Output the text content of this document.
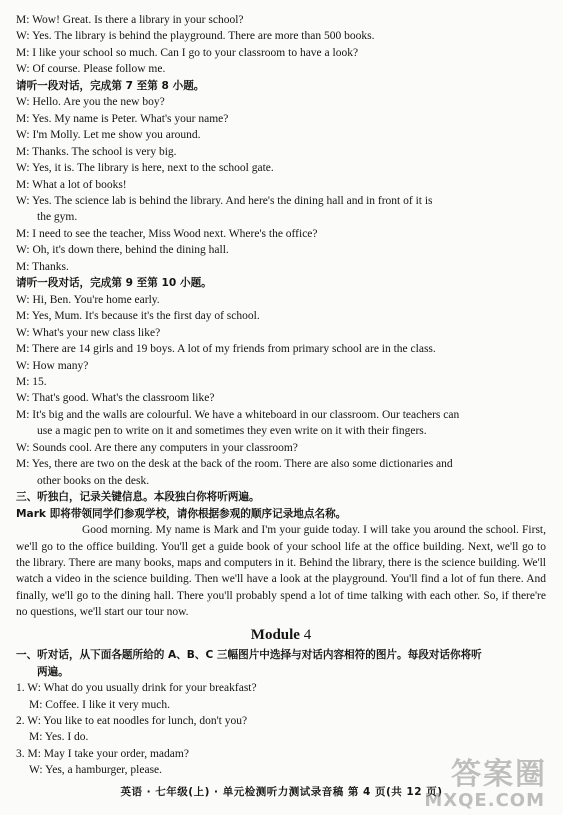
M: Wow! Great. Is there a library in your school?

W: Yes. The library is behind the playground. There are more than 500 books.

M: I like your school so much. Can I go to your classroom to have a look?

W: Of course. Please follow me.

请听一段对话，完成第 7 至第 8 小题。

W: Hello. Are you the new boy?

M: Yes. My name is Peter. What's your name?

W: I'm Molly. Let me show you around.

M: Thanks. The school is very big.

W: Yes, it is. The library is here, next to the school gate.

M: What a lot of books!

W: Yes. The science lab is behind the library. And here's the dining hall and in front of it is

the gym.

M: I need to see the teacher, Miss Wood next. Where's the office?

W: Oh, it's down there, behind the dining hall.

M: Thanks.

请听一段对话，完成第 9 至第 10 小题。

W: Hi, Ben. You're home early.

M: Yes, Mum. It's because it's the first day of school.

W: What's your new class like?

M: There are 14 girls and 19 boys. A lot of my friends from primary school are in the class.

W: How many?

M: 15.

W: That's good. What's the classroom like?

M: It's big and the walls are colourful. We have a whiteboard in our classroom. Our teachers can

use a magic pen to write on it and sometimes they even write on it with their fingers.

W: Sounds cool. Are there any computers in your classroom?

M: Yes, there are two on the desk at the back of the room. There are also some dictionaries and

other books on the desk.

三、听独白，记录关键信息。本段独白你将听两遍。

Mark 即将带领同学们参观学校，请你根据参观的顺序记录地点名称。

Good morning. My name is Mark and I'm your guide today. I will take you around the school. First, we'll go to the office building. You'll get a guide book of your school life at the office building. Next, we'll go to the library. There are many books, maps and computers in it. Behind the library, there is the science building. We'll watch a video in the science building. Then we'll have a look at the playground. You'll find a lot of fun there. And finally, we'll go to the dining hall. There you'll probably spend a lot of time talking with each other. So, if there're no questions, we'll start our tour now.

Module 4

一、听对话，从下面各题所给的 A、B、C 三幅图片中选择与对话内容相符的图片。每段对话你将听

两遍。

1. W: What do you usually drink for your breakfast?

M: Coffee. I like it very much.

2. W: You like to eat noodles for lunch, don't you?

M: Yes. I do.

3. M: May I take your order, madam?

W: Yes, a hamburger, please.

英语 · 七年级(上) · 单元检测听力测试录音稿 第 4 页(共 12 页) 答案圈
MXQE.COM
